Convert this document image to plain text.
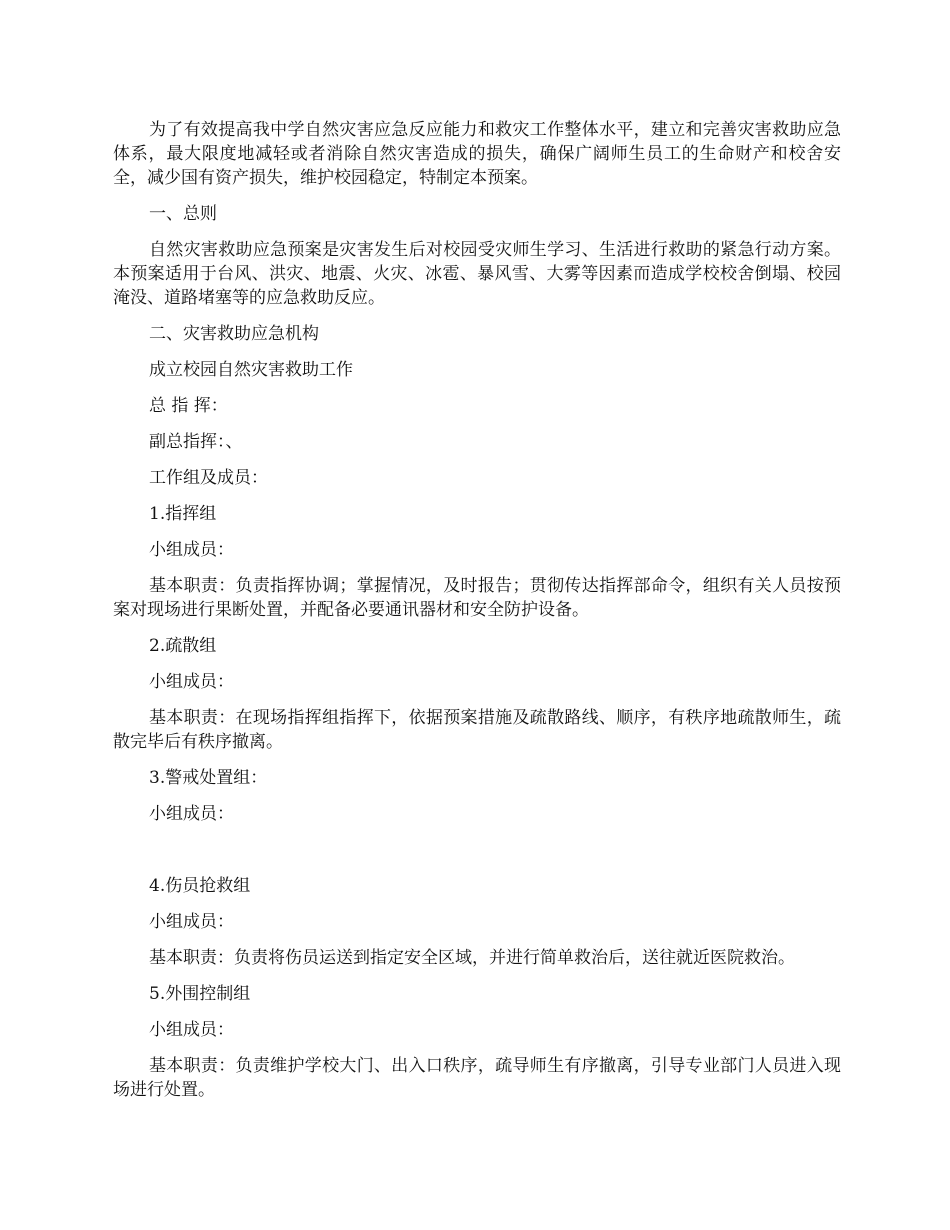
为了有效提高我中学自然灾害应急反应能力和救灾工作整体水平，建立和完善灾害救助应急体系，最大限度地减轻或者消除自然灾害造成的损失，确保广阔师生员工的生命财产和校舍安全，减少国有资产损失，维护校园稳定，特制定本预案。

一、总则

自然灾害救助应急预案是灾害发生后对校园受灾师生学习、生活进行救助的紧急行动方案。本预案适用于台风、洪灾、地震、火灾、冰雹、暴风雪、大雾等因素而造成学校校舍倒塌、校园淹没、道路堵塞等的应急救助反应。

二、灾害救助应急机构

成立校园自然灾害救助工作

总 指 挥：

副总指挥：、

工作组及成员：

1.指挥组

小组成员：

基本职责：负责指挥协调；掌握情况，及时报告；贯彻传达指挥部命令，组织有关人员按预案对现场进行果断处置，并配备必要通讯器材和安全防护设备。

2.疏散组

小组成员：

基本职责：在现场指挥组指挥下，依据预案措施及疏散路线、顺序，有秩序地疏散师生，疏散完毕后有秩序撤离。

3.警戒处置组：

小组成员：

4.伤员抢救组

小组成员：

基本职责：负责将伤员运送到指定安全区域，并进行简单救治后，送往就近医院救治。

5.外围控制组

小组成员：

基本职责：负责维护学校大门、出入口秩序，疏导师生有序撤离，引导专业部门人员进入现场进行处置。
